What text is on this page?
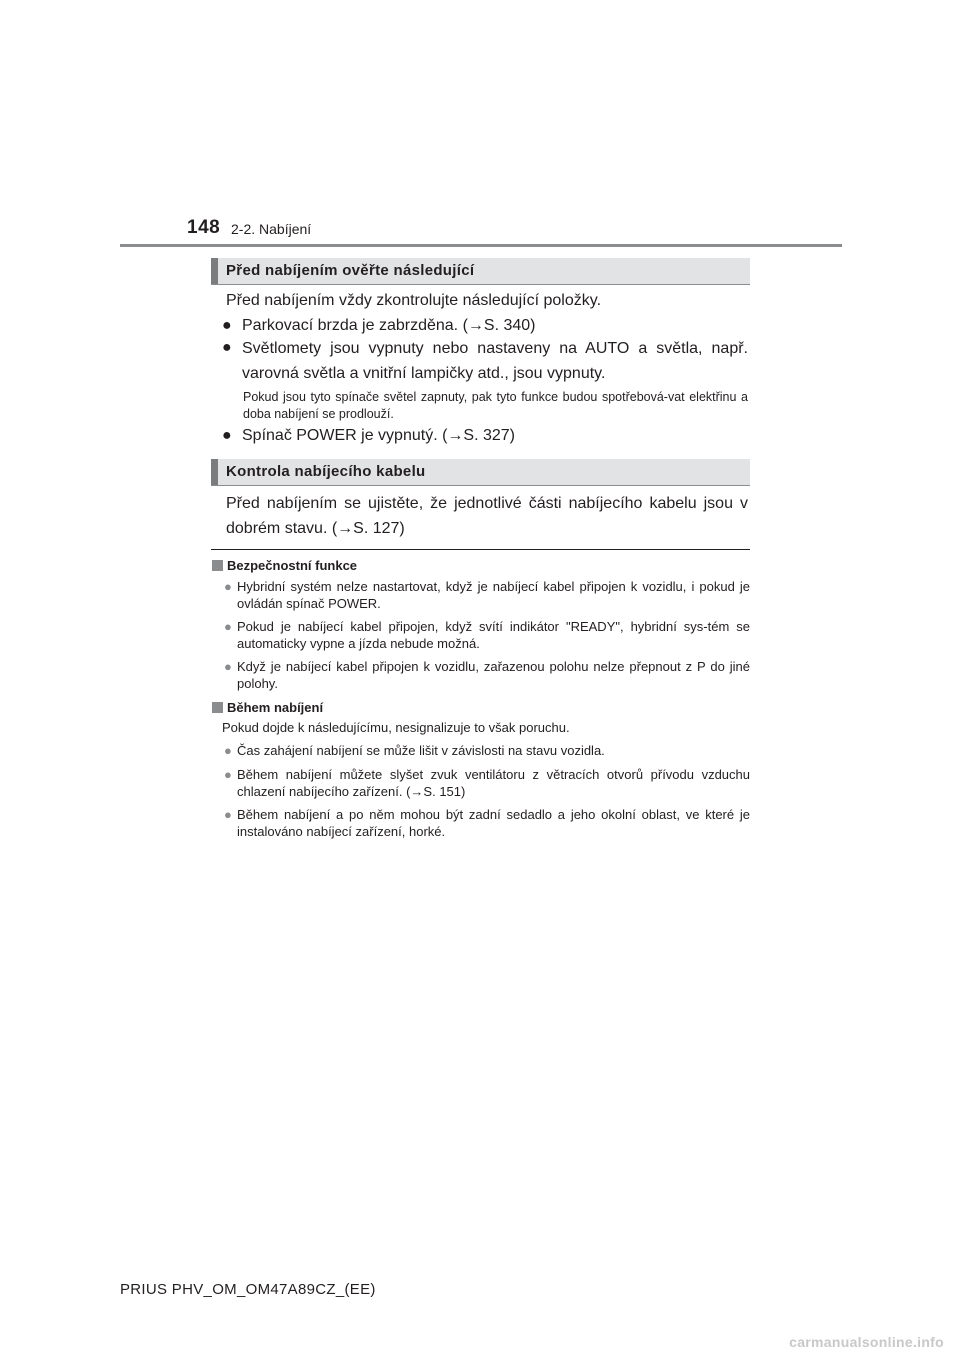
148 2-2. Nabíjení
Před nabíjením ověřte následující
Před nabíjením vždy zkontrolujte následující položky.
● Parkovací brzda je zabrzděna. (→S. 340)
● Světlomety jsou vypnuty nebo nastaveny na AUTO a světla, např. varovná světla a vnitřní lampičky atd., jsou vypnuty.
Pokud jsou tyto spínače světel zapnuty, pak tyto funkce budou spotřebová-vat elektřinu a doba nabíjení se prodlouží.
● Spínač POWER je vypnutý. (→S. 327)
Kontrola nabíjecího kabelu
Před nabíjením se ujistěte, že jednotlivé části nabíjecího kabelu jsou v dobrém stavu. (→S. 127)
Bezpečnostní funkce
● Hybridní systém nelze nastartovat, když je nabíjecí kabel připojen k vozidlu, i pokud je ovládán spínač POWER.
● Pokud je nabíjecí kabel připojen, když svítí indikátor "READY", hybridní sys-tém se automaticky vypne a jízda nebude možná.
● Když je nabíjecí kabel připojen k vozidlu, zařazenou polohu nelze přepnout z P do jiné polohy.
Během nabíjení
Pokud dojde k následujícímu, nesignalizuje to však poruchu.
● Čas zahájení nabíjení se může lišit v závislosti na stavu vozidla.
● Během nabíjení můžete slyšet zvuk ventilátoru z větracích otvorů přívodu vzduchu chlazení nabíjecího zařízení. (→S. 151)
● Během nabíjení a po něm mohou být zadní sedadlo a jeho okolní oblast, ve které je instalováno nabíjecí zařízení, horké.
PRIUS PHV_OM_OM47A89CZ_(EE)
carmanualsonline.info
